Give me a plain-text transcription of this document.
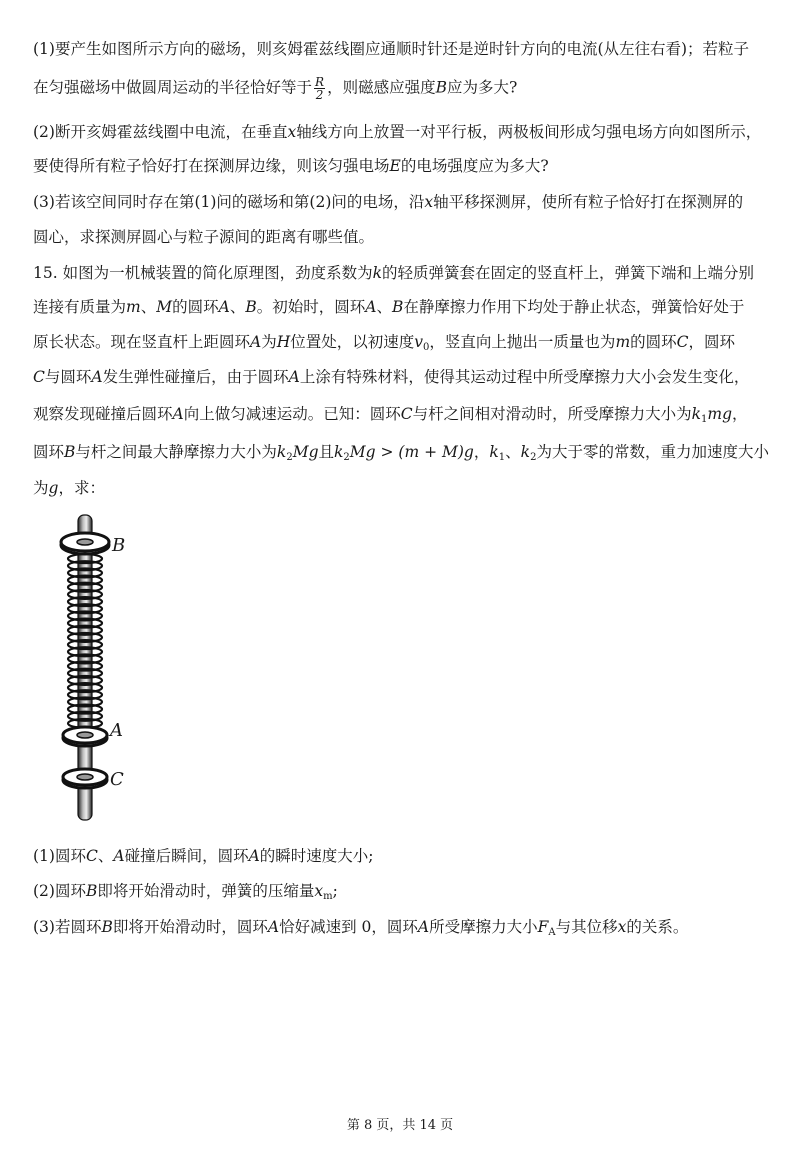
(1)要产生如图所示方向的磁场，则亥姆霍兹线圈应通顺时针还是逆时针方向的电流(从左往右看)；若粒子
在匀强磁场中做圆周运动的半径恰好等于 $\frac{R}{2}$ ，则磁感应强度B应为多大?
(2)断开亥姆霍兹线圈中电流，在垂直x轴线方向上放置一对平行板，两极板间形成匀强电场方向如图所示，
要使得所有粒子恰好打在探测屏边缘，则该匀强电场E的电场强度应为多大?
(3)若该空间同时存在第(1)问的磁场和第(2)问的电场，沿x轴平移探测屏，使所有粒子恰好打在探测屏的
圆心，求探测屏圆心与粒子源间的距离有哪些值。
15. 如图为一机械装置的简化原理图，劲度系数为k的轻质弹簧套在固定的竖直杆上，弹簧下端和上端分别
连接有质量为m、M的圆环A、B。初始时，圆环A、B在静摩擦力作用下均处于静止状态，弹簧恰好处于
原长状态。现在竖直杆上距圆环A为H位置处，以初速度$v_0$，竖直向上抛出一质量也为m的圆环C，圆环
C与圆环A发生弹性碰撞后，由于圆环A上涂有特殊材料，使得其运动过程中所受摩擦力大小会发生变化，
观察发现碰撞后圆环A向上做匀减速运动。已知：圆环C与杆之间相对滑动时，所受摩擦力大小为$k_1mg$，
圆环B与杆之间最大静摩擦力大小为$k_2Mg$且$k_2Mg > (m + M)g$，$k_1$、$k_2$为大于零的常数，重力加速度大小
为g，求：
B
A
C
(1)圆环C、A碰撞后瞬间，圆环A的瞬时速度大小;
(2)圆环B即将开始滑动时，弹簧的压缩量$x_m$;
(3)若圆环B即将开始滑动时，圆环A恰好减速到 0，圆环A所受摩擦力大小$F_A$与其位移x的关系。
第 8 页，共 14 页
